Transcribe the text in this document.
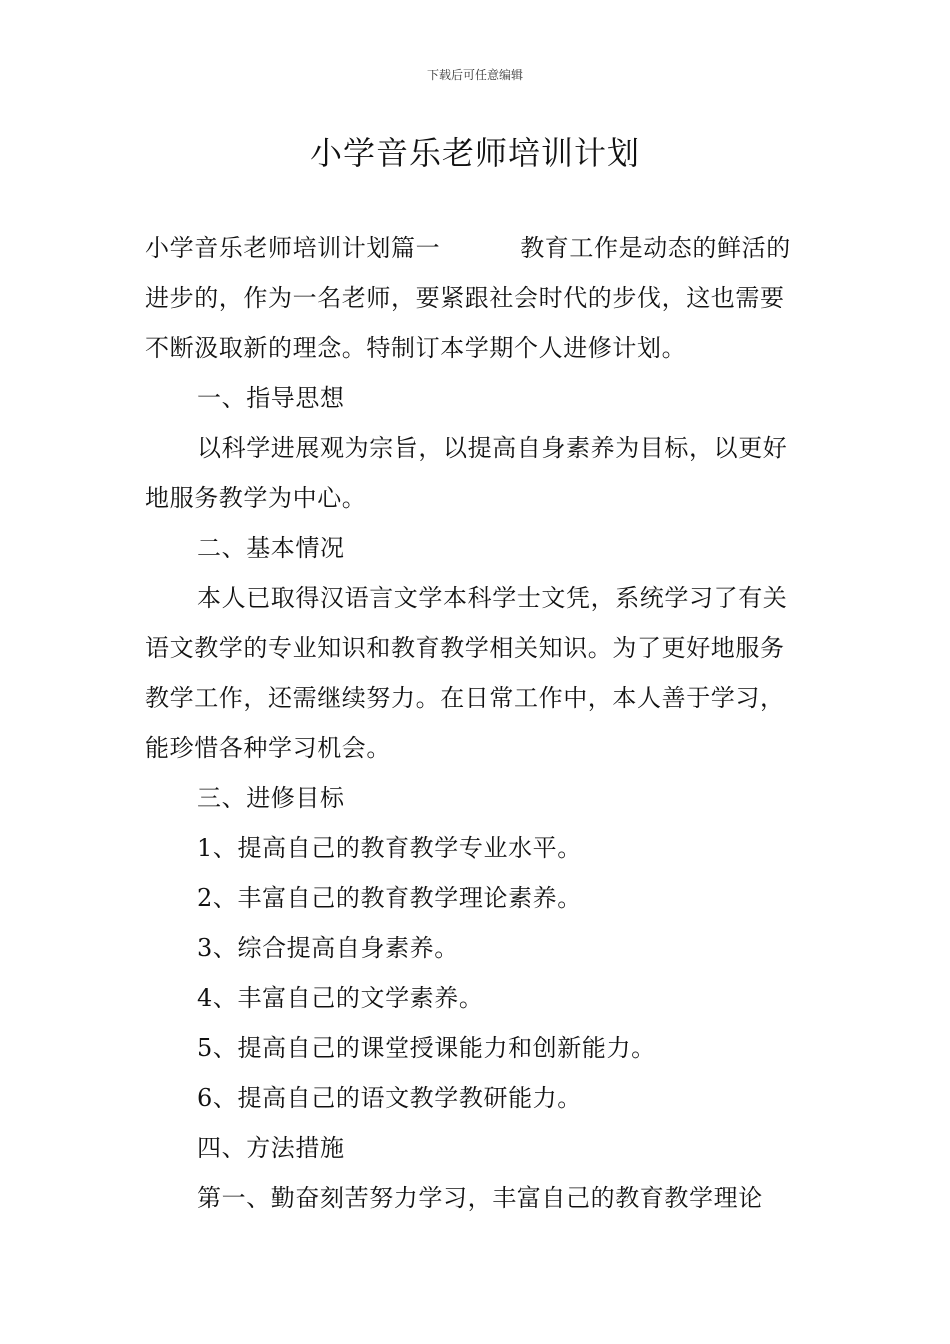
下载后可任意编辑
小学音乐老师培训计划

小学音乐老师培训计划篇一	教育工作是动态的鲜活的进步的，作为一名老师，要紧跟社会时代的步伐，这也需要不断汲取新的理念。特制订本学期个人进修计划。

一、指导思想

以科学进展观为宗旨，以提高自身素养为目标，以更好地服务教学为中心。

二、基本情况

本人已取得汉语言文学本科学士文凭，系统学习了有关语文教学的专业知识和教育教学相关知识。为了更好地服务教学工作，还需继续努力。在日常工作中，本人善于学习，能珍惜各种学习机会。

三、进修目标

1、提高自己的教育教学专业水平。

2、丰富自己的教育教学理论素养。

3、综合提高自身素养。

4、丰富自己的文学素养。

5、提高自己的课堂授课能力和创新能力。

6、提高自己的语文教学教研能力。

四、方法措施

第一、勤奋刻苦努力学习，丰富自己的教育教学理论
